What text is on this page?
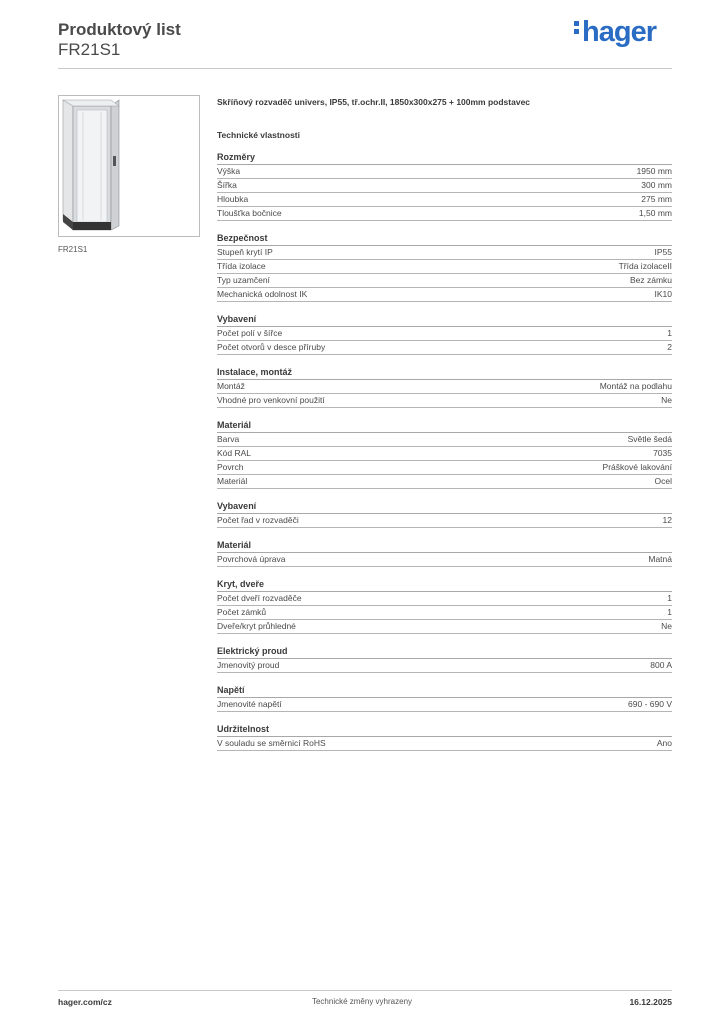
Produktový list
FR21S1
hager
FR21S1
Skříňový rozvaděč univers, IP55, tř.ochr.II, 1850x300x275 + 100mm podstavec
Technické vlastnosti
Rozměry
Výška	1950 mm
Šířka	300 mm
Hloubka	275 mm
Tloušťka bočnice	1,50 mm
Bezpečnost
Stupeň krytí IP	IP55
Třída izolace	Třída izolaceII
Typ uzamčení	Bez zámku
Mechanická odolnost IK	IK10
Vybavení
Počet polí v šířce	1
Počet otvorů v desce příruby	2
Instalace, montáž
Montáž	Montáž na podlahu
Vhodné pro venkovní použití	Ne
Materiál
Barva	Světle šedá
Kód RAL	7035
Povrch	Práškové lakování
Materiál	Ocel
Vybavení
Počet řad v rozvaděči	12
Materiál
Povrchová úprava	Matná
Kryt, dveře
Počet dveří rozvaděče	1
Počet zámků	1
Dveře/kryt průhledné	Ne
Elektrický proud
Jmenovitý proud	800 A
Napětí
Jmenovité napětí	690 - 690 V
Udržitelnost
V souladu se směrnicí RoHS	Ano
hager.com/cz	Technické změny vyhrazeny	16.12.2025
